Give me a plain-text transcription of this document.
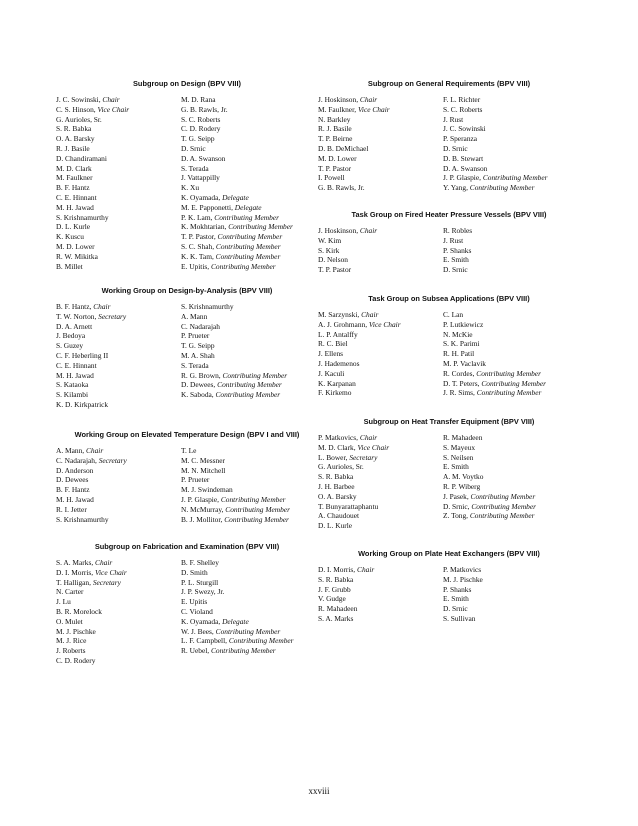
Subgroup on Design (BPV VIII)
J. C. Sowinski, Chair
C. S. Hinson, Vice Chair
G. Aurioles, Sr.
S. R. Babka
O. A. Barsky
R. J. Basile
D. Chandiramani
M. D. Clark
M. Faulkner
B. F. Hantz
C. E. Hinnant
M. H. Jawad
S. Krishnamurthy
D. L. Kurle
K. Kuscu
M. D. Lower
R. W. Mikitka
B. Millet
M. D. Rana
G. B. Rawls, Jr.
S. C. Roberts
C. D. Rodery
T. G. Seipp
D. Srnic
D. A. Swanson
S. Terada
J. Vattappilly
K. Xu
K. Oyamada, Delegate
M. E. Papponetti, Delegate
P. K. Lam, Contributing Member
K. Mokhtarian, Contributing Member
T. P. Pastor, Contributing Member
S. C. Shah, Contributing Member
K. K. Tam, Contributing Member
E. Upitis, Contributing Member
Working Group on Design-by-Analysis (BPV VIII)
B. F. Hantz, Chair
T. W. Norton, Secretary
D. A. Arnett
J. Bedoya
S. Guzey
C. F. Heberling II
C. E. Hinnant
M. H. Jawad
S. Kataoka
S. Kilambi
K. D. Kirkpatrick
S. Krishnamurthy
A. Mann
C. Nadarajah
P. Prueter
T. G. Seipp
M. A. Shah
S. Terada
R. G. Brown, Contributing Member
D. Dewees, Contributing Member
K. Saboda, Contributing Member
Working Group on Elevated Temperature Design (BPV I and VIII)
A. Mann, Chair
C. Nadarajah, Secretary
D. Anderson
D. Dewees
B. F. Hantz
M. H. Jawad
R. I. Jetter
S. Krishnamurthy
T. Le
M. C. Messner
M. N. Mitchell
P. Prueter
M. J. Swindeman
J. P. Glaspie, Contributing Member
N. McMurray, Contributing Member
B. J. Mollitor, Contributing Member
Subgroup on Fabrication and Examination (BPV VIII)
S. A. Marks, Chair
D. I. Morris, Vice Chair
T. Halligan, Secretary
N. Carter
J. Lu
B. R. Morelock
O. Mulet
M. J. Pischke
M. J. Rice
J. Roberts
C. D. Rodery
B. F. Shelley
D. Smith
P. L. Sturgill
J. P. Swezy, Jr.
E. Upitis
C. Violand
K. Oyamada, Delegate
W. J. Bees, Contributing Member
L. F. Campbell, Contributing Member
R. Uebel, Contributing Member
Subgroup on General Requirements (BPV VIII)
J. Hoskinson, Chair
M. Faulkner, Vice Chair
N. Barkley
R. J. Basile
T. P. Beirne
D. B. DeMichael
M. D. Lower
T. P. Pastor
I. Powell
G. B. Rawls, Jr.
F. L. Richter
S. C. Roberts
J. Rust
J. C. Sowinski
P. Speranza
D. Srnic
D. B. Stewart
D. A. Swanson
J. P. Glaspie, Contributing Member
Y. Yang, Contributing Member
Task Group on Fired Heater Pressure Vessels (BPV VIII)
J. Hoskinson, Chair
W. Kim
S. Kirk
D. Nelson
T. P. Pastor
R. Robles
J. Rust
P. Shanks
E. Smith
D. Srnic
Task Group on Subsea Applications (BPV VIII)
M. Sarzynski, Chair
A. J. Grohmann, Vice Chair
L. P. Antalffy
R. C. Biel
J. Ellens
J. Hademenos
J. Kaculi
K. Karpanan
F. Kirkemo
C. Lan
P. Lutkiewicz
N. McKie
S. K. Parimi
R. H. Patil
M. P. Vaclavik
R. Cordes, Contributing Member
D. T. Peters, Contributing Member
J. R. Sims, Contributing Member
Subgroup on Heat Transfer Equipment (BPV VIII)
P. Matkovics, Chair
M. D. Clark, Vice Chair
L. Bower, Secretary
G. Aurioles, Sr.
S. R. Babka
J. H. Barbee
O. A. Barsky
T. Bunyarattaphantu
A. Chaudouet
D. L. Kurle
R. Mahadeen
S. Mayeux
S. Neilsen
E. Smith
A. M. Voytko
R. P. Wiberg
J. Pasek, Contributing Member
D. Srnic, Contributing Member
Z. Tong, Contributing Member
Working Group on Plate Heat Exchangers (BPV VIII)
D. I. Morris, Chair
S. R. Babka
J. F. Grubb
V. Gudge
R. Mahadeen
S. A. Marks
P. Matkovics
M. J. Pischke
P. Shanks
E. Smith
D. Srnic
S. Sullivan
xxviii
